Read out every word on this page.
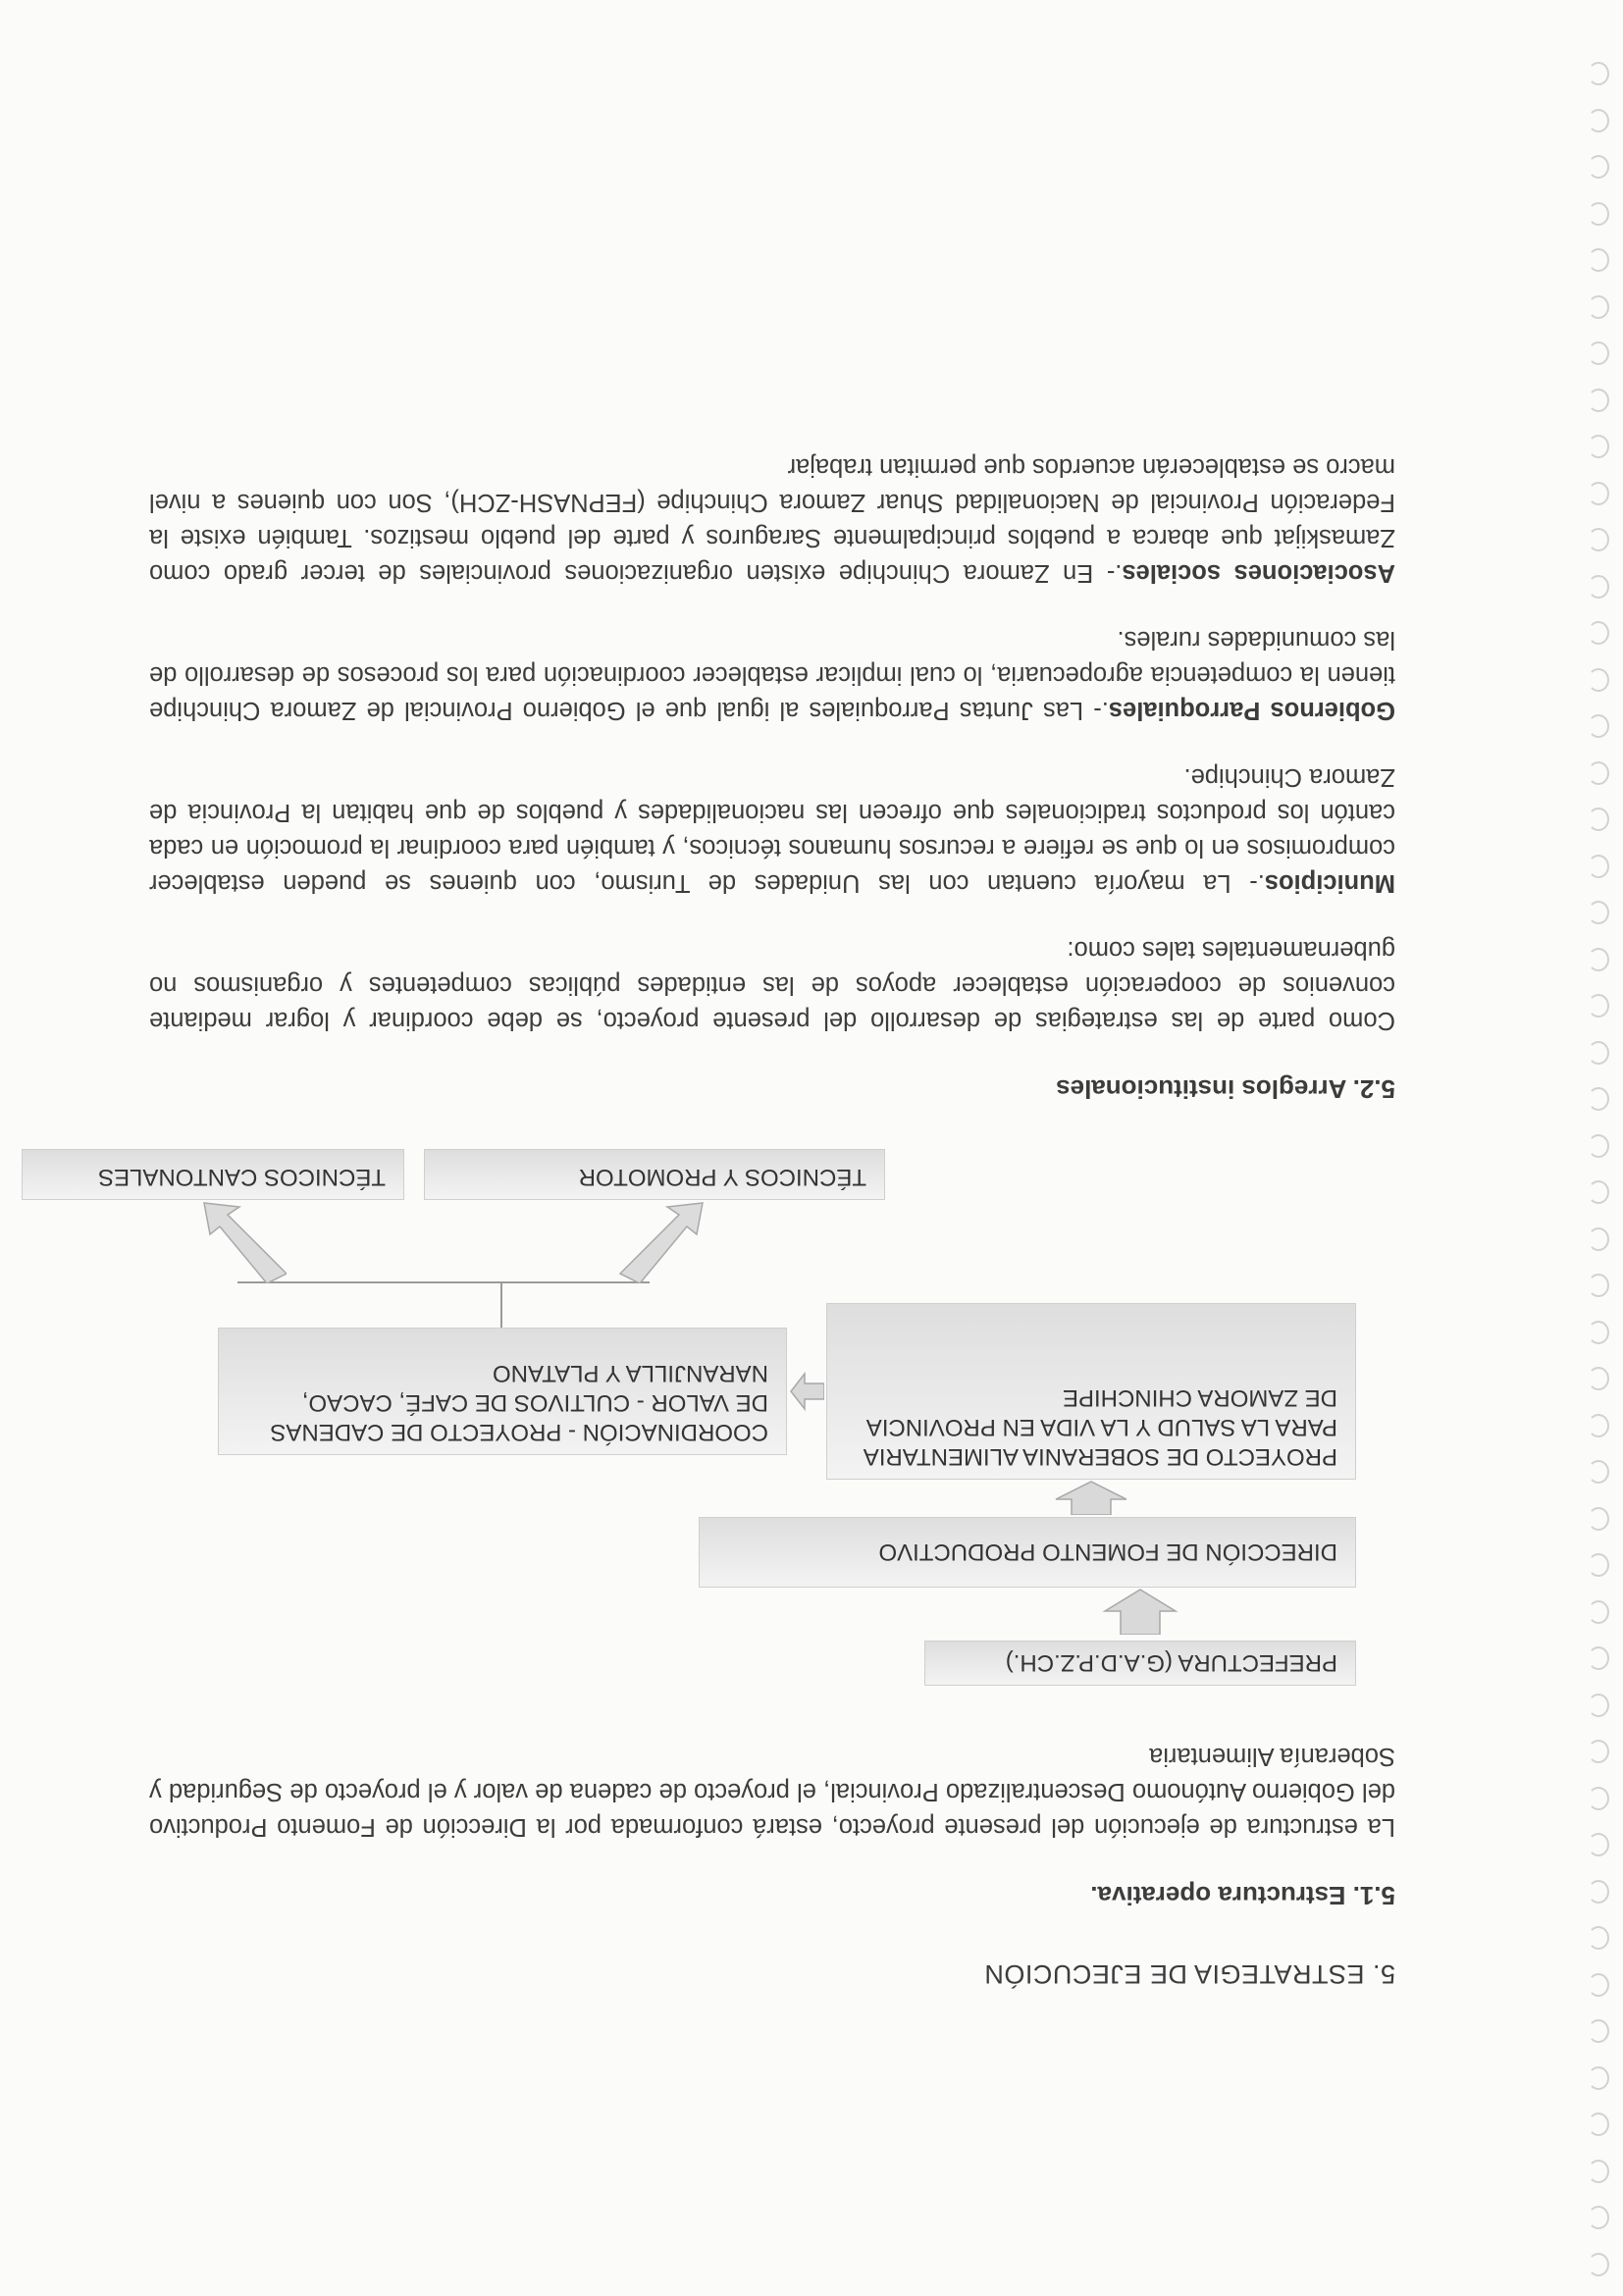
5. ESTRATEGIA DE EJECUCIÓN
5.1. Estructura operativa.

La estructura de ejecución del presente proyecto, estará conformada por la Dirección de Fomento Productivo del Gobierno Autónomo Descentralizado Provincial, el proyecto de cadena de valor y el proyecto de Seguridad y Soberanía Alimentaria

PREFECTURA (G.A.D.P.Z.CH.)
DIRECCIÓN DE FOMENTO PRODUCTIVO
PROYECTO DE SOBERANIA ALIMENTARIA PARA LA SALUD Y LA VIDA EN PROVINCIA DE ZAMORA CHINCHIPE
COORDINACIÓN - PROYECTO DE CADENAS DE VALOR - CULTIVOS DE CAFÉ, CACAO, NARANJILLA Y PLATANO
TÉCNICOS Y PROMOTOR
TÉCNICOS CANTONALES
5.2. Arreglos institucionales

Como parte de las estrategias de desarrollo del presente proyecto, se debe coordinar y lograr mediante convenios de cooperación establecer apoyos de las entidades públicas competentes y organismos no gubernamentales tales como:

Municipios.- La mayoría cuentan con las Unidades de Turismo, con quienes se pueden establecer compromisos en lo que se refiere a recursos humanos técnicos, y también para coordinar la promoción en cada cantón los productos tradicionales que ofrecen las nacionalidades y pueblos de que habitan la Provincia de Zamora Chinchipe.

Gobiernos Parroquiales.- Las Juntas Parroquiales al igual que el Gobierno Provincial de Zamora Chinchipe tienen la competencia agropecuaria, lo cual implicar establecer coordinación para los procesos de desarrollo de las comunidades rurales.

Asociaciones sociales.- En Zamora Chinchipe existen organizaciones provinciales de tercer grado como Zamaskijat que abarca a pueblos principalmente Saraguros y parte del pueblo mestizos. También existe la Federación Provincial de Nacionalidad Shuar Zamora Chinchipe (FEPNASH-ZCH), Son con quienes a nivel macro se establecerán acuerdos que permitan trabajar
